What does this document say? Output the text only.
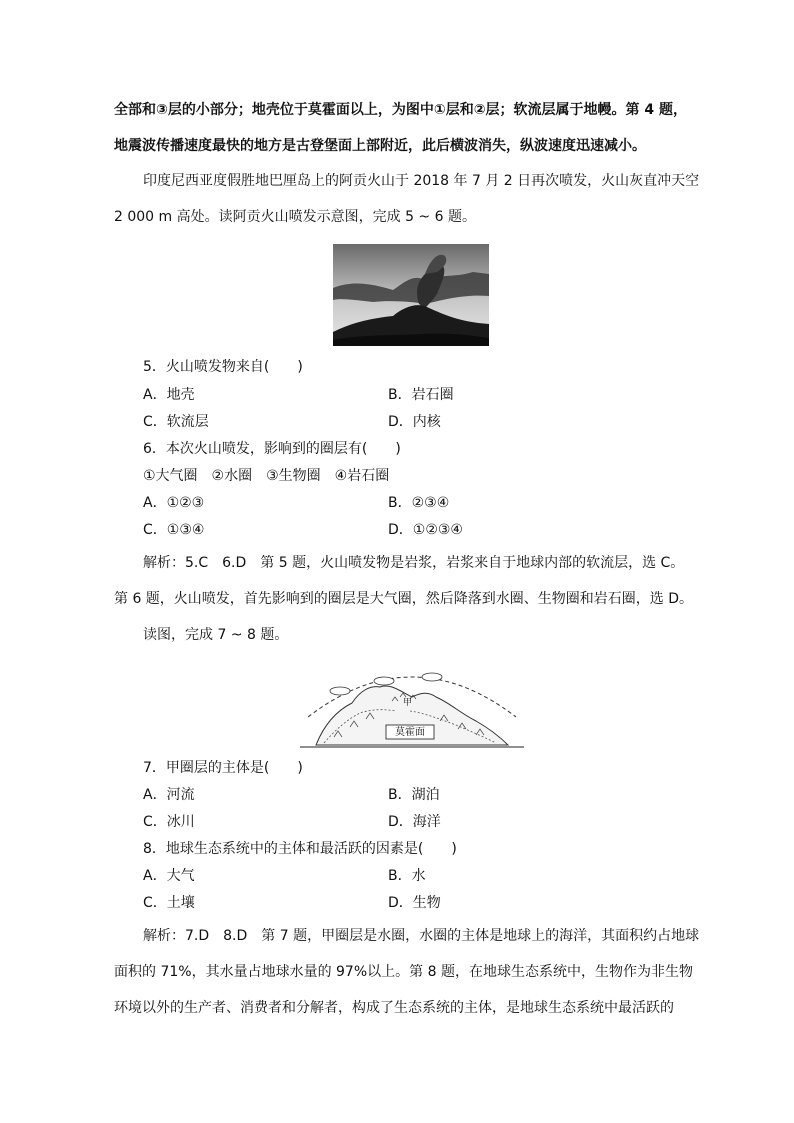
全部和③层的小部分；地壳位于莫霍面以上，为图中①层和②层；软流层属于地幔。第 4 题，
地震波传播速度最快的地方是古登堡面上部附近，此后横波消失，纵波速度迅速减小。
印度尼西亚度假胜地巴厘岛上的阿贡火山于 2018 年 7 月 2 日再次喷发，火山灰直冲天空
2 000 m 高处。读阿贡火山喷发示意图，完成 5 ~ 6 题。
5．火山喷发物来自(　　)
A．地壳	B．岩石圈
C．软流层	D．内核
6．本次火山喷发，影响到的圈层有(　　)
①大气圈　②水圈　③生物圈　④岩石圈
A．①②③	B．②③④
C．①③④	D．①②③④
解析：5.C　6.D　第 5 题，火山喷发物是岩浆，岩浆来自于地球内部的软流层，选 C。
第 6 题，火山喷发，首先影响到的圈层是大气圈，然后降落到水圈、生物圈和岩石圈，选 D。
读图，完成 7 ~ 8 题。
甲
莫霍面
7．甲圈层的主体是(　　)
A．河流	B．湖泊
C．冰川	D．海洋
8．地球生态系统中的主体和最活跃的因素是(　　)
A．大气	B．水
C．土壤	D．生物
解析：7.D　8.D　第 7 题，甲圈层是水圈，水圈的主体是地球上的海洋，其面积约占地球
面积的 71%，其水量占地球水量的 97%以上。第 8 题，在地球生态系统中，生物作为非生物
环境以外的生产者、消费者和分解者，构成了生态系统的主体，是地球生态系统中最活跃的
